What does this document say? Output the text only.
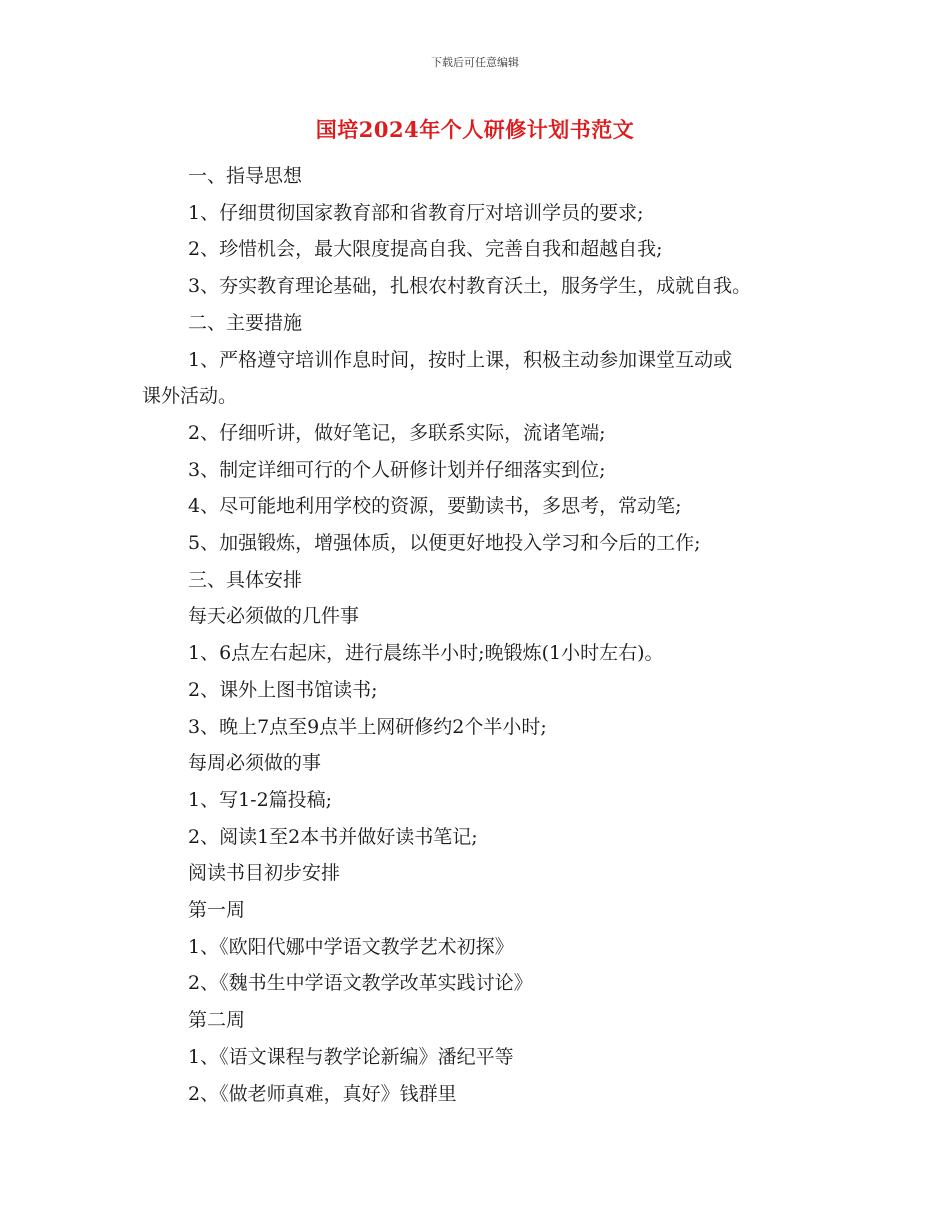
下载后可任意编辑
国培2024年个人研修计划书范文
一、指导思想
1、仔细贯彻国家教育部和省教育厅对培训学员的要求;
2、珍惜机会，最大限度提高自我、完善自我和超越自我;
3、夯实教育理论基础，扎根农村教育沃土，服务学生，成就自我。
二、主要措施
1、严格遵守培训作息时间，按时上课，积极主动参加课堂互动或
课外活动。
2、仔细听讲，做好笔记，多联系实际，流诸笔端;
3、制定详细可行的个人研修计划并仔细落实到位;
4、尽可能地利用学校的资源，要勤读书，多思考，常动笔;
5、加强锻炼，增强体质，以便更好地投入学习和今后的工作;
三、具体安排
每天必须做的几件事
1、6点左右起床，进行晨练半小时;晚锻炼(1小时左右)。
2、课外上图书馆读书;
3、晚上7点至9点半上网研修约2个半小时;
每周必须做的事
1、写1-2篇投稿;
2、阅读1至2本书并做好读书笔记;
阅读书目初步安排
第一周
1、《欧阳代娜中学语文教学艺术初探》
2、《魏书生中学语文教学改革实践讨论》
第二周
1、《语文课程与教学论新编》潘纪平等
2、《做老师真难，真好》钱群里
